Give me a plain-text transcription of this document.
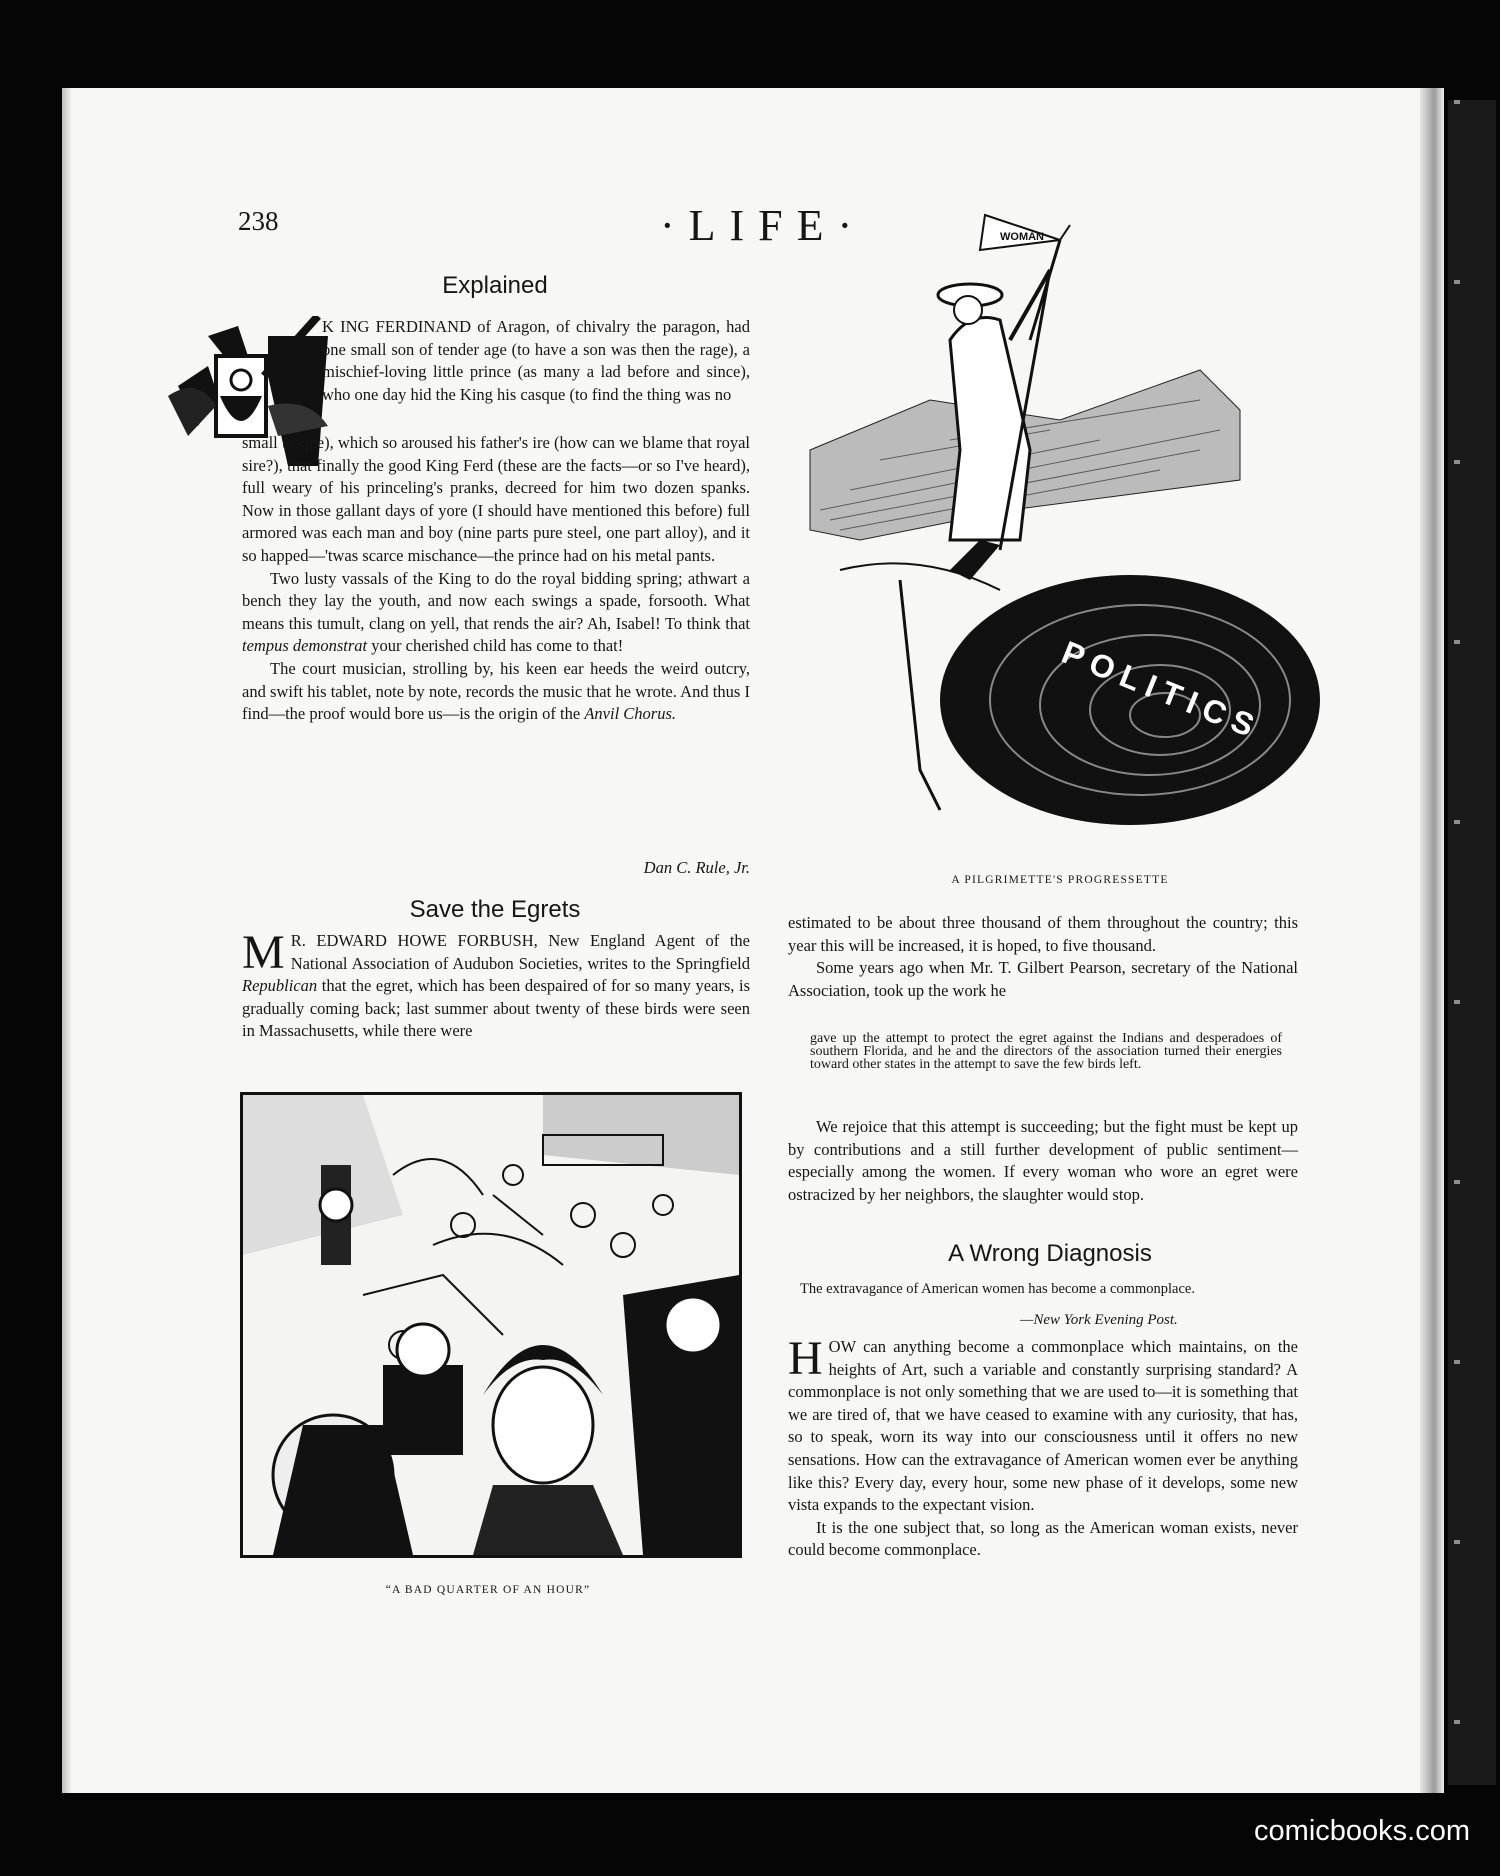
238	·LIFE·
Explained
K ING FERDINAND of Aragon, of chivalry the paragon, had one small son of tender age (to have a son was then the rage), a mischief-loving little prince (as many a lad before and since), who one day hid the King his casque (to find the thing was no

small tasque), which so aroused his father's ire (how can we blame that royal sire?), that finally the good King Ferd (these are the facts—or so I've heard), full weary of his princeling's pranks, decreed for him two dozen spanks. Now in those gallant days of yore (I should have mentioned this before) full armored was each man and boy (nine parts pure steel, one part alloy), and it so happed—'twas scarce mischance—the prince had on his metal pants.

Two lusty vassals of the King to do the royal bidding spring; athwart a bench they lay the youth, and now each swings a spade, forsooth. What means this tumult, clang on yell, that rends the air? Ah, Isabel! To think that tempus demonstrat your cherished child has come to that!

The court musician, strolling by, his keen ear heeds the weird outcry, and swift his tablet, note by note, records the music that he wrote. And thus I find—the proof would bore us—is the origin of the Anvil Chorus.

Dan C. Rule, Jr.
Save the Egrets

M R. EDWARD HOWE FORBUSH, New England Agent of the National Association of Audubon Societies, writes to the Springfield Republican that the egret, which has been despaired of for so many years, is gradually coming back; last summer about twenty of these birds were seen in Massachusetts, while there were

“A BAD QUARTER OF AN HOUR”
WOMAN
POLITICS
A PILGRIMETTE'S PROGRESSETTE

estimated to be about three thousand of them throughout the country; this year this will be increased, it is hoped, to five thousand.

Some years ago when Mr. T. Gilbert Pearson, secretary of the National Association, took up the work he

gave up the attempt to protect the egret against the Indians and desperadoes of southern Florida, and he and the directors of the association turned their energies toward other states in the attempt to save the few birds left.

We rejoice that this attempt is succeeding; but the fight must be kept up by contributions and a still further development of public sentiment—especially among the women. If every woman who wore an egret were ostracized by her neighbors, the slaughter would stop.

A Wrong Diagnosis
The extravagance of American women has become a commonplace.
—New York Evening Post.

HOW can anything become a commonplace which maintains, on the heights of Art, such a variable and constantly surprising standard? A commonplace is not only something that we are used to—it is something that we are tired of, that we have ceased to examine with any curiosity, that has, so to speak, worn its way into our consciousness until it offers no new sensations. How can the extravagance of American women ever be anything like this? Every day, every hour, some new phase of it develops, some new vista expands to the expectant vision.

It is the one subject that, so long as the American woman exists, never could become commonplace.

comicbooks.com
